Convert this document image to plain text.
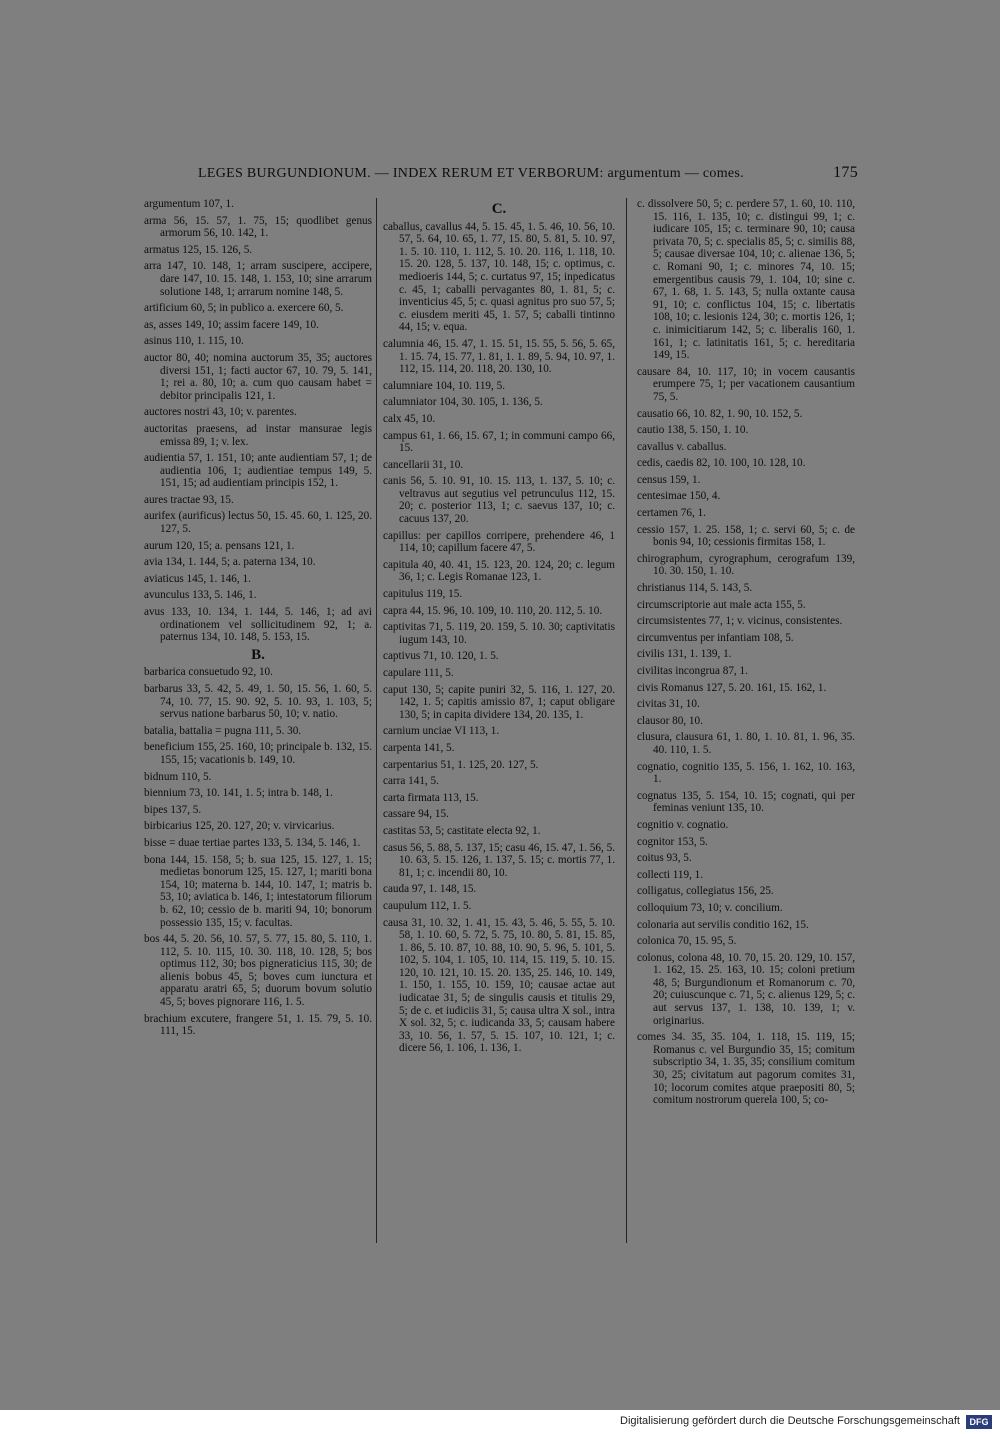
LEGES BURGUNDIONUM. — INDEX RERUM ET VERBORUM: argumentum — comes.	175
argumentum 107, 1.
arma 56, 15. 57, 1. 75, 15; quodlibet genus armorum 56, 10. 142, 1.
armatus 125, 15. 126, 5.
arra 147, 10. 148, 1; arram suscipere, accipere, dare 147, 10. 15. 148, 1. 153, 10; sine arrarum solutione 148, 1; arrarum nomine 148, 5.
artificium 60, 5; in publico a. exercere 60, 5.
as, asses 149, 10; assim facere 149, 10.
asinus 110, 1. 115, 10.
auctor 80, 40; nomina auctorum 35, 35; auctores diversi 151, 1; facti auctor 67, 10. 79, 5. 141, 1; rei a. 80, 10; a. cum quo causam habet = debitor principalis 121, 1.
auctores nostri 43, 10; v. parentes.
auctoritas praesens, ad instar mansurae legis emissa 89, 1; v. lex.
audientia 57, 1. 151, 10; ante audientiam 57, 1; de audientia 106, 1; audientiae tempus 149, 5. 151, 15; ad audientiam principis 152, 1.
aures tractae 93, 15.
aurifex (aurificus) lectus 50, 15. 45. 60, 1. 125, 20. 127, 5.
aurum 120, 15; a. pensans 121, 1.
avia 134, 1. 144, 5; a. paterna 134, 10.
aviaticus 145, 1. 146, 1.
avunculus 133, 5. 146, 1.
avus 133, 10. 134, 1. 144, 5. 146, 1; ad avi ordinationem vel sollicitudinem 92, 1; a. paternus 134, 10. 148, 5. 153, 15.
B.
barbarica consuetudo 92, 10.
barbarus 33, 5. 42, 5. 49, 1. 50, 15. 56, 1. 60, 5. 74, 10. 77, 15. 90. 92, 5. 10. 93, 1. 103, 5; servus natione barbarus 50, 10; v. natio.
batalia, battalia = pugna 111, 5. 30.
beneficium 155, 25. 160, 10; principale b. 132, 15. 155, 15; vacationis b. 149, 10.
bidnum 110, 5.
biennium 73, 10. 141, 1. 5; intra b. 148, 1.
bipes 137, 5.
birbicarius 125, 20. 127, 20; v. virvicarius.
bisse = duae tertiae partes 133, 5. 134, 5. 146, 1.
bona 144, 15. 158, 5; b. sua 125, 15. 127, 1. 15; medietas bonorum 125, 15. 127, 1; mariti bona 154, 10; materna b. 144, 10. 147, 1; matris b. 53, 10; aviatica b. 146, 1; intestatorum filiorum b. 62, 10; cessio de b. mariti 94, 10; bonorum possessio 135, 15; v. facultas.
bos 44, 5. 20. 56, 10. 57, 5. 77, 15. 80, 5. 110, 1. 112, 5. 10. 115, 10. 30. 118, 10. 128, 5; bos optimus 112, 30; bos pigneraticius 115, 30; de alienis bobus 45, 5; boves cum iunctura et apparatu aratri 65, 5; duorum bovum solutio 45, 5; boves pignorare 116, 1. 5.
brachium excutere, frangere 51, 1. 15. 79, 5. 10. 111, 15.
C.
caballus, cavallus 44, 5. 15. 45, 1. 5. 46, 10. 56, 10. 57, 5. 64, 10. 65, 1. 77, 15. 80, 5. 81, 5. 10. 97, 1. 5. 10. 110, 1. 112, 5. 10. 20. 116, 1. 118, 10. 15. 20. 128, 5. 137, 10. 148, 15; c. optimus, c. medioeris 144, 5; c. curtatus 97, 15; inpedicatus c. 45, 1; caballi pervagantes 80, 1. 81, 5; c. inventicius 45, 5; c. quasi agnitus pro suo 57, 5; c. eiusdem meriti 45, 1. 57, 5; caballi tintinno 44, 15; v. equa.
calumnia 46, 15. 47, 1. 15. 51, 15. 55, 5. 56, 5. 65, 1. 15. 74, 15. 77, 1. 81, 1. 1. 89, 5. 94, 10. 97, 1. 112, 15. 114, 20. 118, 20. 130, 10.
calumniare 104, 10. 119, 5.
calumniator 104, 30. 105, 1. 136, 5.
calx 45, 10.
campus 61, 1. 66, 15. 67, 1; in communi campo 66, 15.
cancellarii 31, 10.
canis 56, 5. 10. 91, 10. 15. 113, 1. 137, 5. 10; c. veltravus aut segutius vel petrunculus 112, 15. 20; c. posterior 113, 1; c. saevus 137, 10; c. cacuus 137, 20.
capillus: per capillos corripere, prehendere 46, 1 114, 10; capillum facere 47, 5.
capitula 40, 40. 41, 15. 123, 20. 124, 20; c. legum 36, 1; c. Legis Romanae 123, 1.
capitulus 119, 15.
capra 44, 15. 96, 10. 109, 10. 110, 20. 112, 5. 10.
captivitas 71, 5. 119, 20. 159, 5. 10. 30; captivitatis iugum 143, 10.
captivus 71, 10. 120, 1. 5.
capulare 111, 5.
caput 130, 5; capite puniri 32, 5. 116, 1. 127, 20. 142, 1. 5; capitis amissio 87, 1; caput obligare 130, 5; in capita dividere 134, 20. 135, 1.
carnium unciae VI 113, 1.
carpenta 141, 5.
carpentarius 51, 1. 125, 20. 127, 5.
carra 141, 5.
carta firmata 113, 15.
cassare 94, 15.
castitas 53, 5; castitate electa 92, 1.
casus 56, 5. 88, 5. 137, 15; casu 46, 15. 47, 1. 56, 5. 10. 63, 5. 15. 126, 1. 137, 5. 15; c. mortis 77, 1. 81, 1; c. incendii 80, 10.
cauda 97, 1. 148, 15.
caupulum 112, 1. 5.
causa 31, 10. 32, 1. 41, 15. 43, 5. 46, 5. 55, 5. 10. 58, 1. 10. 60, 5. 72, 5. 75, 10. 80, 5. 81, 15. 85, 1. 86, 5. 10. 87, 10. 88, 10. 90, 5. 96, 5. 101, 5. 102, 5. 104, 1. 105, 10. 114, 15. 119, 5. 10. 15. 120, 10. 121, 10. 15. 20. 135, 25. 146, 10. 149, 1. 150, 1. 155, 10. 159, 10; causae actae aut iudicatae 31, 5; de singulis causis et titulis 29, 5; de c. et iudiciis 31, 5; causa ultra X sol., intra X sol. 32, 5; c. iudicanda 33, 5; causam habere 33, 10. 56, 1. 57, 5. 15. 107, 10. 121, 1; c. dicere 56, 1. 106, 1. 136, 1.
c. dissolvere 50, 5; c. perdere 57, 1. 60, 10. 110, 15. 116, 1. 135, 10; c. distingui 99, 1; c. iudicare 105, 15; c. terminare 90, 10; causa privata 70, 5; c. specialis 85, 5; c. similis 88, 5; causae diversae 104, 10; c. alienae 136, 5; c. Romani 90, 1; c. minores 74, 10. 15; emergentibus causis 79, 1. 104, 10; sine c. 67, 1. 68, 1. 5. 143, 5; nulla oxtante causa 91, 10; c. conflictus 104, 15; c. libertatis 108, 10; c. lesionis 124, 30; c. mortis 126, 1; c. inimicitiarum 142, 5; c. liberalis 160, 1. 161, 1; c. latinitatis 161, 5; c. hereditaria 149, 15.
causare 84, 10. 117, 10; in vocem causantis erumpere 75, 1; per vacationem causantium 75, 5.
causatio 66, 10. 82, 1. 90, 10. 152, 5.
cautio 138, 5. 150, 1. 10.
cavallus v. caballus.
cedis, caedis 82, 10. 100, 10. 128, 10.
census 159, 1.
centesimae 150, 4.
certamen 76, 1.
cessio 157, 1. 25. 158, 1; c. servi 60, 5; c. de bonis 94, 10; cessionis firmitas 158, 1.
chirographum, cyrographum, cerografum 139, 10. 30. 150, 1. 10.
christianus 114, 5. 143, 5.
circumscriptorie aut male acta 155, 5.
circumsistentes 77, 1; v. vicinus, consistentes.
circumventus per infantiam 108, 5.
civilis 131, 1. 139, 1.
civilitas incongrua 87, 1.
civis Romanus 127, 5. 20. 161, 15. 162, 1.
civitas 31, 10.
clausor 80, 10.
clusura, clausura 61, 1. 80, 1. 10. 81, 1. 96, 35. 40. 110, 1. 5.
cognatio, cognitio 135, 5. 156, 1. 162, 10. 163, 1.
cognatus 135, 5. 154, 10. 15; cognati, qui per feminas veniunt 135, 10.
cognitio v. cognatio.
cognitor 153, 5.
coitus 93, 5.
collecti 119, 1.
colligatus, collegiatus 156, 25.
colloquium 73, 10; v. concilium.
colonaria aut servilis conditio 162, 15.
colonica 70, 15. 95, 5.
colonus, colona 48, 10. 70, 15. 20. 129, 10. 157, 1. 162, 15. 25. 163, 10. 15; coloni pretium 48, 5; Burgundionum et Romanorum c. 70, 20; cuiuscunque c. 71, 5; c. alienus 129, 5; c. aut servus 137, 1. 138, 10. 139, 1; v. originarius.
comes 34. 35, 35. 104, 1. 118, 15. 119, 15; Romanus c. vel Burgundio 35, 15; comitum subscriptio 34, 1. 35, 35; consilium comitum 30, 25; civitatum aut pagorum comites 31, 10; locorum comites atque praepositi 80, 5; comitum nostrorum querela 100, 5; co-
Digitalisierung gefördert durch die Deutsche Forschungsgemeinschaft	DFG
